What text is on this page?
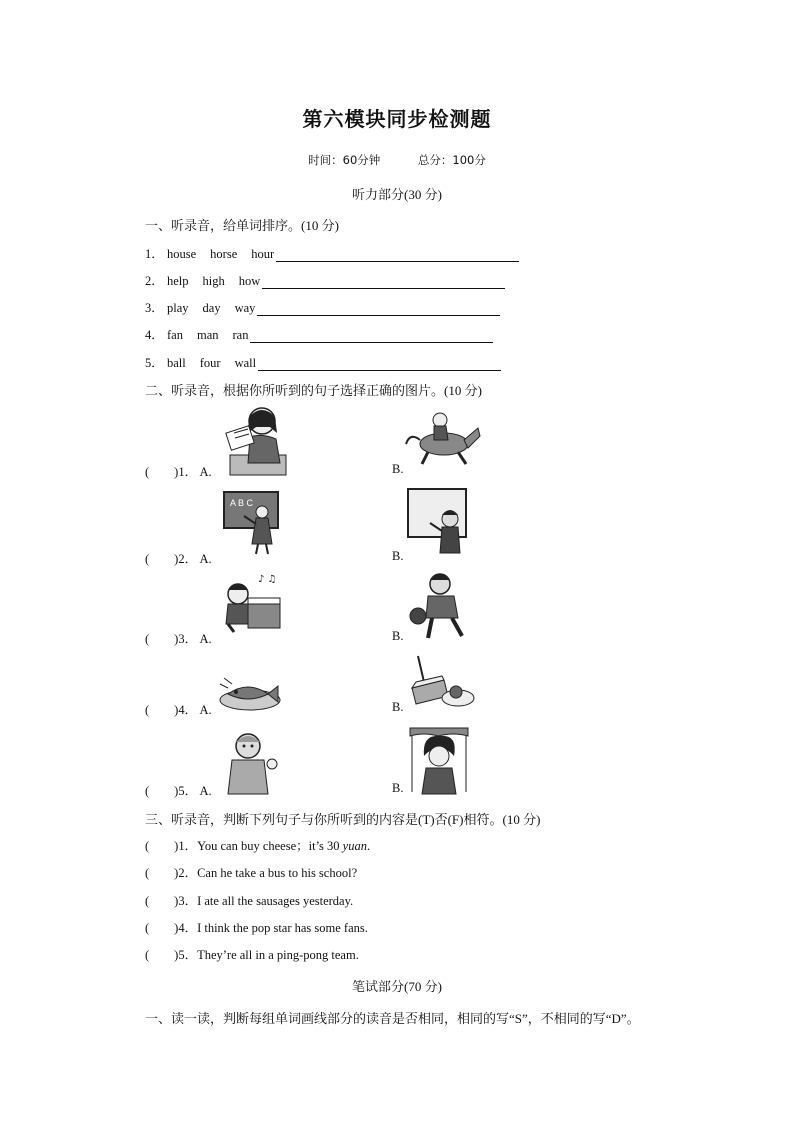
第六模块同步检测题
时间：60分钟	总分：100分
听力部分(30 分)
一、听录音，给单词排序。(10 分)
1． house horse hour
2． help high how
3． play day way
4． fan man ran
5． ball four wall
二、听录音，根据你所听到的句子选择正确的图片。(10 分)
(　　)1． A.	B.
(　　)2． A.
A B C
B.
(　　)3． A.
♪ ♫
B.
(　　)4． A.	B.
(　　)5． A.	B.
三、听录音，判断下列句子与你所听到的内容是(T)否(F)相符。(10 分)
(　　)1．You can buy cheese；it’s 30 yuan.
(　　)2．Can he take a bus to his school?
(　　)3．I ate all the sausages yesterday.
(　　)4．I think the pop star has some fans.
(　　)5．They’re all in a ping-pong team.
笔试部分(70 分)
一、读一读，判断每组单词画线部分的读音是否相同，相同的写“S”，不相同的写“D”。
